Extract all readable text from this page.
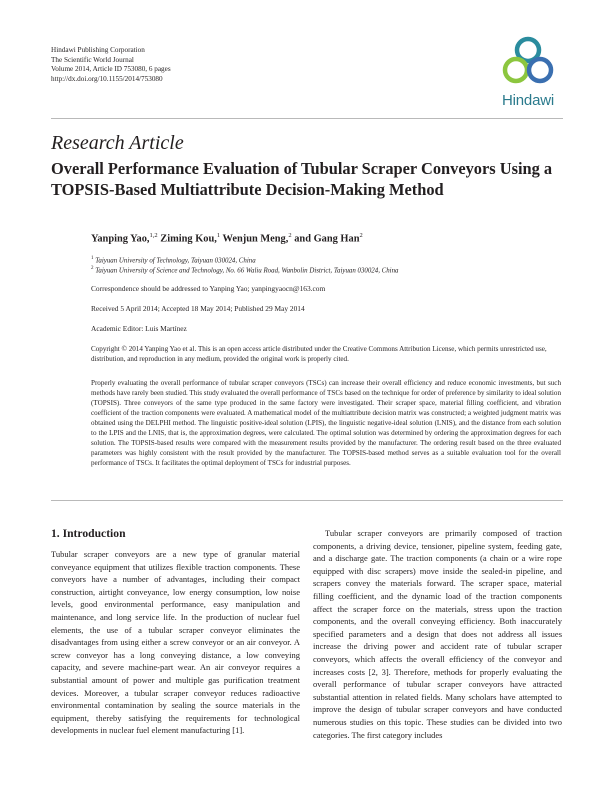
Hindawi Publishing Corporation
The Scientific World Journal
Volume 2014, Article ID 753080, 6 pages
http://dx.doi.org/10.1155/2014/753080
Hindawi
Research Article
Overall Performance Evaluation of Tubular Scraper Conveyors Using a TOPSIS-Based Multiattribute Decision-Making Method
Yanping Yao,$^{1,2}$ Ziming Kou,$^1$ Wenjun Meng,$^2$ and Gang Han$^2$
$^1$ Taiyuan University of Technology, Taiyuan 030024, China
$^2$ Taiyuan University of Science and Technology, No. 66 Waliu Road, Wanbolin District, Taiyuan 030024, China
Correspondence should be addressed to Yanping Yao; yanpingyaocn@163.com
Received 5 April 2014; Accepted 18 May 2014; Published 29 May 2014
Academic Editor: Luis Martínez
Copyright © 2014 Yanping Yao et al. This is an open access article distributed under the Creative Commons Attribution License, which permits unrestricted use, distribution, and reproduction in any medium, provided the original work is properly cited.
Properly evaluating the overall performance of tubular scraper conveyors (TSCs) can increase their overall efficiency and reduce economic investments, but such methods have rarely been studied. This study evaluated the overall performance of TSCs based on the technique for order of preference by similarity to ideal solution (TOPSIS). Three conveyors of the same type produced in the same factory were investigated. Their scraper space, material filling coefficient, and vibration coefficient of the traction components were evaluated. A mathematical model of the multiattribute decision matrix was constructed; a weighted judgment matrix was obtained using the DELPHI method. The linguistic positive-ideal solution (LPIS), the linguistic negative-ideal solution (LNIS), and the distance from each solution to the LPIS and the LNIS, that is, the approximation degrees, were calculated. The optimal solution was determined by ordering the approximation degrees for each solution. The TOPSIS-based results were compared with the measurement results provided by the manufacturer. The ordering result based on the three evaluated parameters was highly consistent with the result provided by the manufacturer. The TOPSIS-based method serves as a suitable evaluation tool for the overall performance of TSCs. It facilitates the optimal deployment of TSCs for industrial purposes.
1. Introduction
Tubular scraper conveyors are a new type of granular material conveyance equipment that utilizes flexible traction components. These conveyors have a number of advantages, including their compact construction, airtight conveyance, low energy consumption, low noise levels, good environmental performance, easy manipulation and maintenance, and long service life. In the production of nuclear fuel elements, the use of a tubular scraper conveyor eliminates the disadvantages from using either a screw conveyor or an air conveyor. A screw conveyor has a long conveying distance, a low conveying capacity, and severe machine-part wear. An air conveyor requires a substantial amount of power and multiple gas purification treatment devices. Moreover, a tubular scraper conveyor reduces radioactive environmental contamination by sealing the source materials in the equipment, thereby satisfying the requirements for technological developments in nuclear fuel element manufacturing [1].
Tubular scraper conveyors are primarily composed of traction components, a driving device, tensioner, pipeline system, feeding gate, and a discharge gate. The traction components (a chain or a wire rope equipped with disc scrapers) move inside the sealed-in pipeline, and scrapers convey the materials forward. The scraper space, material filling coefficient, and the dynamic load of the traction components affect the scraper force on the materials, stress upon the traction components, and the overall conveying efficiency. Both inaccurately specified parameters and a design that does not address all issues increase the driving power and accident rate of tubular scraper conveyors, which affects the overall efficiency of the conveyor and increases costs [2, 3]. Therefore, methods for properly evaluating the overall performance of tubular scraper conveyors have attracted substantial attention in related fields. Many scholars have attempted to improve the design of tubular scraper conveyors and have conducted numerous studies on this topic. These studies can be divided into two categories. The first category includes
